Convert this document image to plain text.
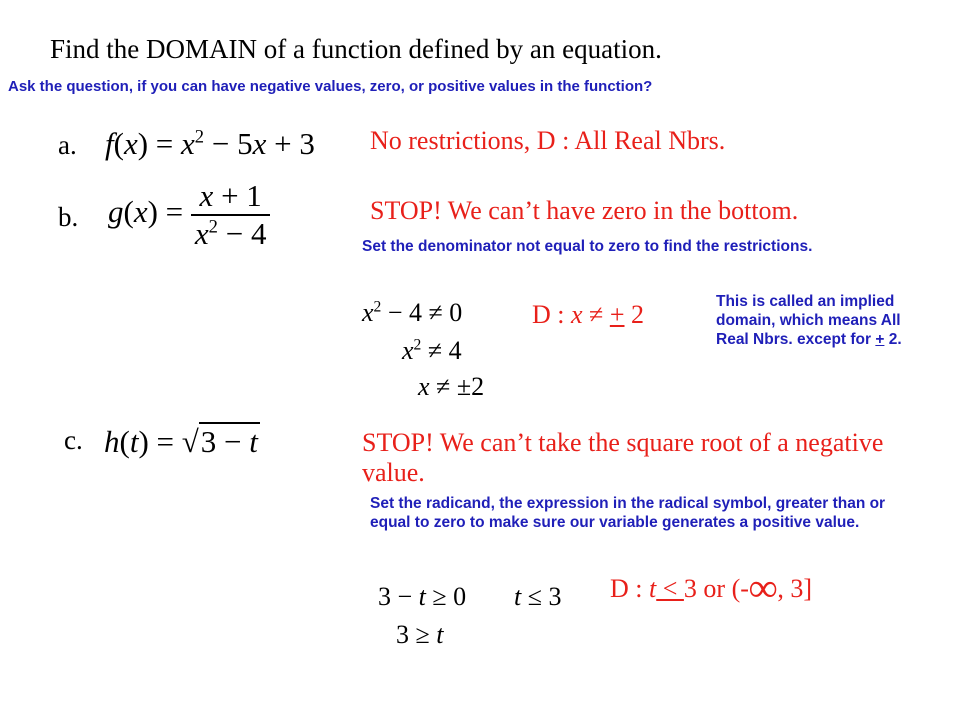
Find the DOMAIN of a function defined by an equation.
Ask the question, if you can have negative values, zero, or positive values in the function?
a. $f(x) = x^2 - 5x + 3$ No restrictions, D : All Real Nbrs.
b. $g(x) = \frac{x + 1}{x^2 - 4}$	STOP! We can’t have zero in the bottom.
Set the denominator not equal to zero to find the restrictions.
$x^2 - 4 \ne 0$
$x^2 \ne 4$
x ≠ ±2
D : x ≠ + 2	This is called an implied domain, which means All Real Nbrs. except for + 2.
c. h(t) = √3 − t	STOP! We can’t take the square root of a negative value.
Set the radicand, the expression in the radical symbol, greater than or equal to zero to make sure our variable generates a positive value.
3 − t ≥ 0 t ≤ 3
3 ≥ t
D : t < 3 or (-∞, 3]
